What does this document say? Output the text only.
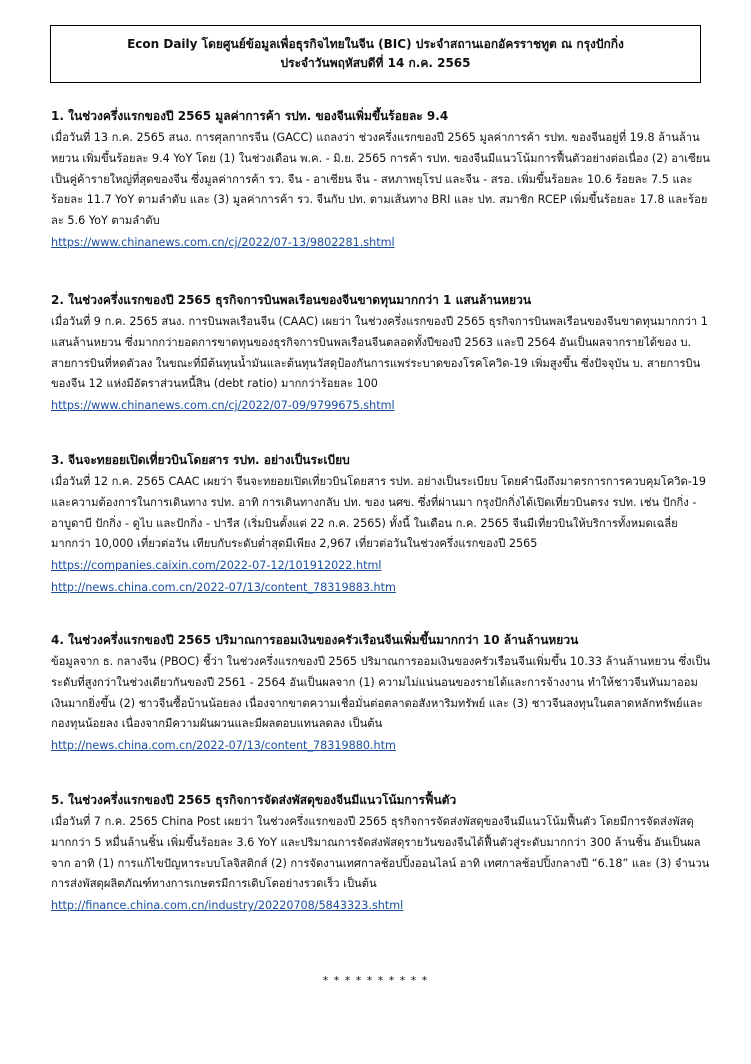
Econ Daily โดยศูนย์ข้อมูลเพื่อธุรกิจไทยในจีน (BIC) ประจำสถานเอกอัครราชทูต ณ กรุงปักกิ่ง
ประจำวันพฤหัสบดีที่ 14 ก.ค. 2565
1. ในช่วงครึ่งแรกของปี 2565 มูลค่าการค้า รปท. ของจีนเพิ่มขึ้นร้อยละ 9.4
เมื่อวันที่ 13 ก.ค. 2565 สนง. การศุลกากรจีน (GACC) แถลงว่า ช่วงครึ่งแรกของปี 2565 มูลค่าการค้า รปท. ของจีนอยู่ที่ 19.8 ล้านล้านหยวน เพิ่มขึ้นร้อยละ 9.4 YoY โดย (1) ในช่วงเดือน พ.ค. - มิ.ย. 2565 การค้า รปท. ของจีนมีแนวโน้มการฟื้นตัวอย่างต่อเนื่อง (2) อาเซียนเป็นคู่ค้ารายใหญ่ที่สุดของจีน ซึ่งมูลค่าการค้า รว. จีน - อาเซียน จีน - สหภาพยุโรป และจีน - สรอ. เพิ่มขึ้นร้อยละ 10.6 ร้อยละ 7.5 และร้อยละ 11.7 YoY ตามลำดับ และ (3) มูลค่าการค้า รว. จีนกับ ปท. ตามเส้นทาง BRI และ ปท. สมาชิก RCEP เพิ่มขึ้นร้อยละ 17.8 และร้อยละ 5.6 YoY ตามลำดับ
https://www.chinanews.com.cn/cj/2022/07-13/9802281.shtml
2. ในช่วงครึ่งแรกของปี 2565 ธุรกิจการบินพลเรือนของจีนขาดทุนมากกว่า 1 แสนล้านหยวน
เมื่อวันที่ 9 ก.ค. 2565 สนง. การบินพลเรือนจีน (CAAC) เผยว่า ในช่วงครึ่งแรกของปี 2565 ธุรกิจการบินพลเรือนของจีนขาดทุนมากกว่า 1 แสนล้านหยวน ซึ่งมากกว่ายอดการขาดทุนของธุรกิจการบินพลเรือนจีนตลอดทั้งปีของปี 2563 และปี 2564 อันเป็นผลจากรายได้ของ บ. สายการบินที่หดตัวลง ในขณะที่มีต้นทุนน้ำมันและต้นทุนวัสดุป้องกันการแพร่ระบาดของโรคโควิด-19 เพิ่มสูงขึ้น ซึ่งปัจจุบัน บ. สายการบินของจีน 12 แห่งมีอัตราส่วนหนี้สิน (debt ratio) มากกว่าร้อยละ 100
https://www.chinanews.com.cn/cj/2022/07-09/9799675.shtml
3. จีนจะทยอยเปิดเที่ยวบินโดยสาร รปท. อย่างเป็นระเบียบ
เมื่อวันที่ 12 ก.ค. 2565 CAAC เผยว่า จีนจะทยอยเปิดเที่ยวบินโดยสาร รปท. อย่างเป็นระเบียบ โดยคำนึงถึงมาตรการการควบคุมโควิด-19 และความต้องการในการเดินทาง รปท. อาทิ การเดินทางกลับ ปท. ของ นศข. ซึ่งที่ผ่านมา กรุงปักกิ่งได้เปิดเที่ยวบินตรง รปท. เช่น ปักกิ่ง - อาบูดาบี ปักกิ่ง - ดูไบ และปักกิ่ง - ปารีส (เริ่มบินตั้งแต่ 22 ก.ค. 2565) ทั้งนี้ ในเดือน ก.ค. 2565 จีนมีเที่ยวบินให้บริการทั้งหมดเฉลี่ยมากกว่า 10,000 เที่ยวต่อวัน เทียบกับระดับต่ำสุดมีเพียง 2,967 เที่ยวต่อวันในช่วงครึ่งแรกของปี 2565
https://companies.caixin.com/2022-07-12/101912022.html
http://news.china.com.cn/2022-07/13/content_78319883.htm
4. ในช่วงครึ่งแรกของปี 2565 ปริมาณการออมเงินของครัวเรือนจีนเพิ่มขึ้นมากกว่า 10 ล้านล้านหยวน
ข้อมูลจาก ธ. กลางจีน (PBOC) ชี้ว่า ในช่วงครึ่งแรกของปี 2565 ปริมาณการออมเงินของครัวเรือนจีนเพิ่มขึ้น 10.33 ล้านล้านหยวน ซึ่งเป็นระดับที่สูงกว่าในช่วงเดียวกันของปี 2561 - 2564 อันเป็นผลจาก (1) ความไม่แน่นอนของรายได้และการจ้างงาน ทำให้ชาวจีนหันมาออมเงินมากยิ่งขึ้น (2) ชาวจีนซื้อบ้านน้อยลง เนื่องจากขาดความเชื่อมั่นต่อตลาดอสังหาริมทรัพย์ และ (3) ชาวจีนลงทุนในตลาดหลักทรัพย์และกองทุนน้อยลง เนื่องจากมีความผันผวนและมีผลตอบแทนลดลง เป็นต้น
http://news.china.com.cn/2022-07/13/content_78319880.htm
5. ในช่วงครึ่งแรกของปี 2565 ธุรกิจการจัดส่งพัสดุของจีนมีแนวโน้มการฟื้นตัว
เมื่อวันที่ 7 ก.ค. 2565 China Post เผยว่า ในช่วงครึ่งแรกของปี 2565 ธุรกิจการจัดส่งพัสดุของจีนมีแนวโน้มฟื้นตัว โดยมีการจัดส่งพัสดุมากกว่า 5 หมื่นล้านชิ้น เพิ่มขึ้นร้อยละ 3.6 YoY และปริมาณการจัดส่งพัสดุรายวันของจีนได้ฟื้นตัวสู่ระดับมากกว่า 300 ล้านชิ้น อันเป็นผลจาก อาทิ (1) การแก้ไขปัญหาระบบโลจิสติกส์ (2) การจัดงานเทศกาลช้อปปิ้งออนไลน์ อาทิ เทศกาลช้อปปิ้งกลางปี “6.18” และ (3) จำนวนการส่งพัสดุผลิตภัณฑ์ทางการเกษตรมีการเติบโตอย่างรวดเร็ว เป็นต้น
http://finance.china.com.cn/industry/20220708/5843323.shtml
* * * * * * * * * *
